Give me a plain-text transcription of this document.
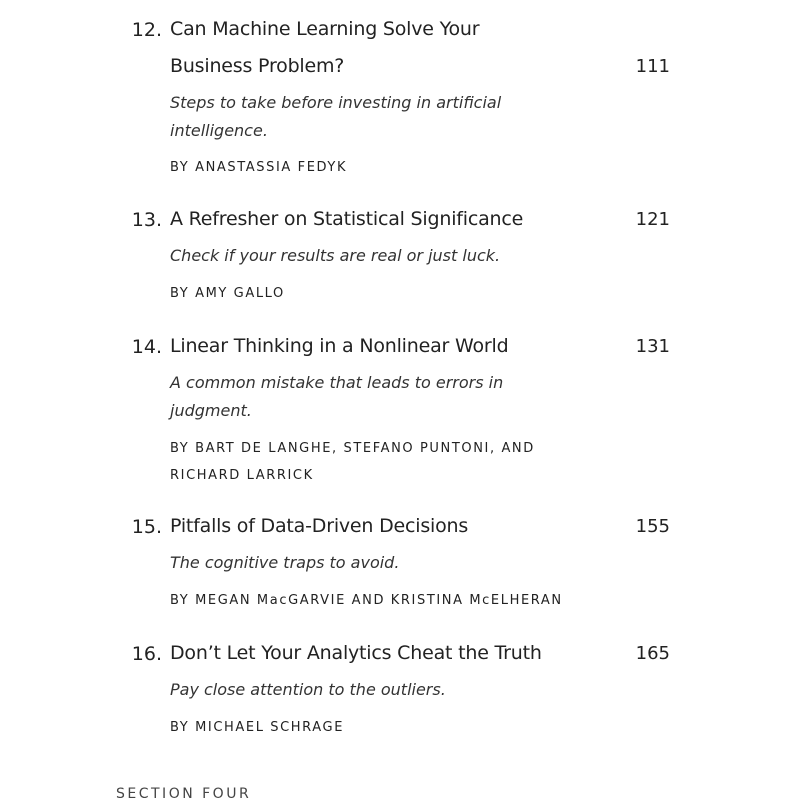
12. Can Machine Learning Solve Your Business Problem?	111
Steps to take before investing in artificial intelligence.
BY ANASTASSIA FEDYK
13. A Refresher on Statistical Significance	121
Check if your results are real or just luck.
BY AMY GALLO
14. Linear Thinking in a Nonlinear World	131
A common mistake that leads to errors in judgment.
BY BART DE LANGHE, STEFANO PUNTONI, AND RICHARD LARRICK
15. Pitfalls of Data-Driven Decisions	155
The cognitive traps to avoid.
BY MEGAN MacGARVIE AND KRISTINA McELHERAN
16. Don’t Let Your Analytics Cheat the Truth	165
Pay close attention to the outliers.
BY MICHAEL SCHRAGE
SECTION FOUR
